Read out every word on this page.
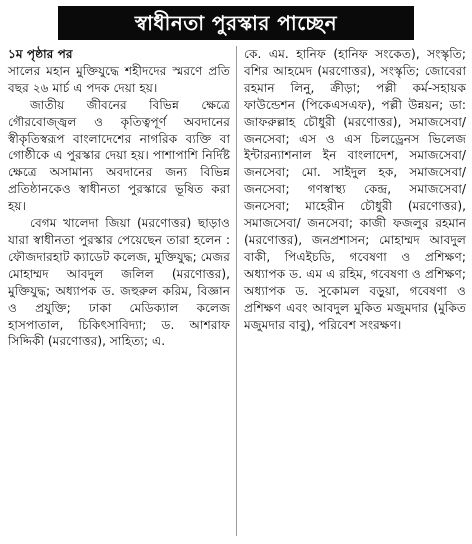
স্বাধীনতা পুরস্কার পাচ্ছেন
১ম পৃষ্ঠার পর
সালের মহান মুক্তিযুদ্ধে শহীদদের স্মরণে প্রতি বছর ২৬ মার্চ এ পদক দেয়া হয়।
জাতীয় জীবনের বিভিন্ন ক্ষেত্রে গৌরবোজ্জ্বল ও কৃতিত্বপূর্ণ অবদানের স্বীকৃতিস্বরূপ বাংলাদেশের নাগরিক ব্যক্তি বা গোষ্ঠীকে এ পুরস্কার দেয়া হয়। পাশাপাশি নির্দিষ্ট ক্ষেত্রে অসামান্য অবদানের জন্য বিভিন্ন প্রতিষ্ঠানকেও স্বাধীনতা পুরস্কারে ভূষিত করা হয়।
বেগম খালেদা জিয়া (মরণোত্তর) ছাড়াও যারা স্বাধীনতা পুরস্কার পেয়েছেন তারা হলেন : ফৌজদারহাট ক্যাডেট কলেজ, মুক্তিযুদ্ধ; মেজর মোহাম্মদ আবদুল জলিল (মরণোত্তর), মুক্তিযুদ্ধ; অধ্যাপক ড. জহুরুল করিম, বিজ্ঞান ও প্রযুক্তি; ঢাকা মেডিক্যাল কলেজ হাসপাতাল, চিকিৎসাবিদ্যা; ড. আশরাফ সিদ্দিকী (মরণোত্তর), সাহিত্য; এ.
কে. এম. হানিফ (হানিফ সংকেত), সংস্কৃতি; বশির আহমেদ (মরণোত্তর), সংস্কৃতি; জোবেরা রহমান লিনু, ক্রীড়া; পল্লী কর্ম-সহায়ক ফাউন্ডেশন (পিকেএসএফ), পল্লী উন্নয়ন; ডা: জাফরুল্লাহ চৌধুরী (মরণোত্তর), সমাজসেবা/ জনসেবা; এস ও এস চিলড্রেনস ভিলেজ ইন্টারন্যাশনাল ইন বাংলাদেশ, সমাজসেবা/ জনসেবা; মো. সাইদুল হক, সমাজসেবা/ জনসেবা; গণস্বাস্থ্য কেন্দ্র, সমাজসেবা/ জনসেবা; মাহেরীন চৌধুরী (মরণোত্তর), সমাজসেবা/ জনসেবা; কাজী ফজলুর রহমান (মরণোত্তর), জনপ্রশাসন; মোহাম্মদ আবদুল বাকী, পিএইচডি, গবেষণা ও প্রশিক্ষণ; অধ্যাপক ড. এম এ রহিম, গবেষণা ও প্রশিক্ষণ; অধ্যাপক ড. সুকোমল বড়ুয়া, গবেষণা ও প্রশিক্ষণ এবং আবদুল মুকিত মজুমদার (মুকিত মজুমদার বাবু), পরিবেশ সংরক্ষণ।
